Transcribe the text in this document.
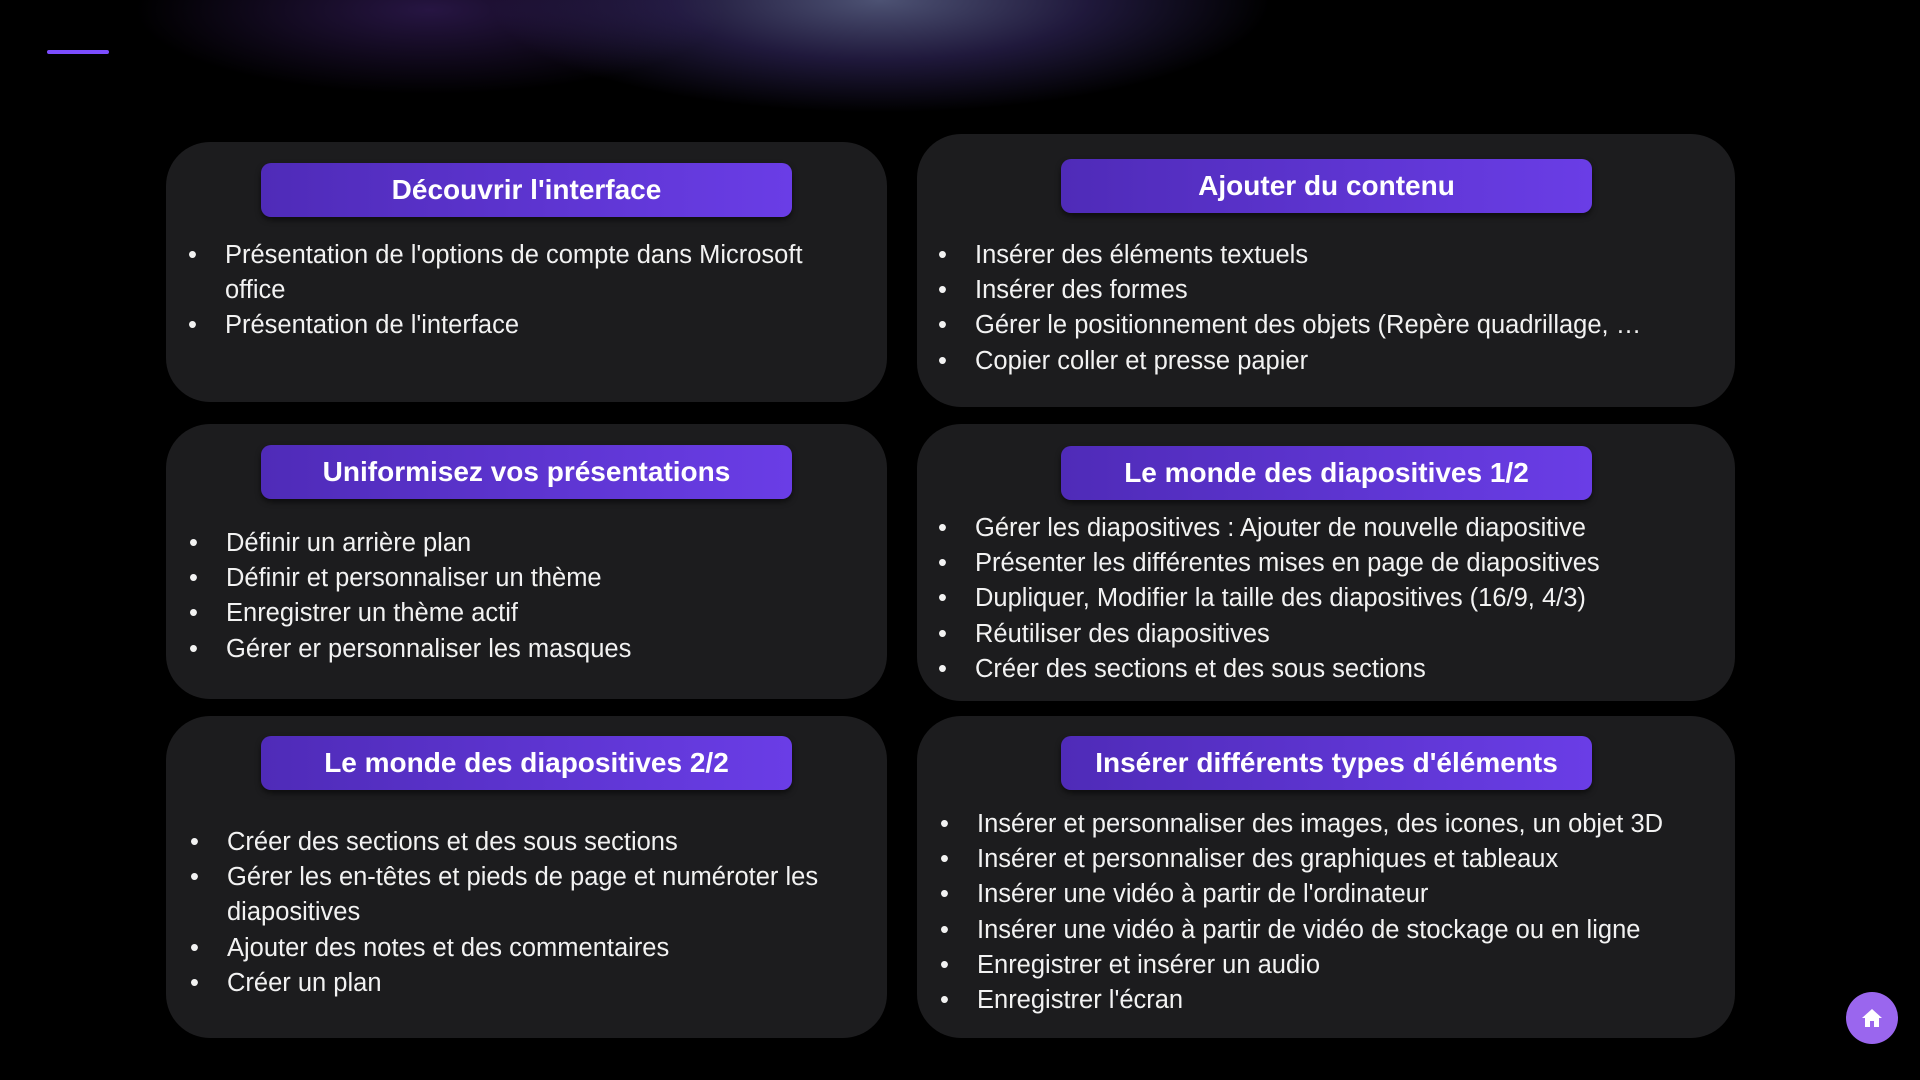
Découvrir l'interface
• Présentation de l'options de compte dans Microsoft office
• Présentation de l'interface
Ajouter du contenu
• Insérer des éléments textuels
• Insérer des formes
• Gérer le positionnement des objets (Repère quadrillage, …
• Copier coller et presse papier
Uniformisez vos présentations
• Définir un arrière plan
• Définir et personnaliser un thème
• Enregistrer un thème actif
• Gérer er personnaliser les masques
Le monde des diapositives 1/2
• Gérer les diapositives : Ajouter de nouvelle diapositive
• Présenter les différentes mises en page de diapositives
• Dupliquer, Modifier la taille des diapositives (16/9, 4/3)
• Réutiliser des diapositives
• Créer des sections et des sous sections
Le monde des diapositives 2/2
• Créer des sections et des sous sections
• Gérer les en-têtes et pieds de page et numéroter les diapositives
• Ajouter des notes et des commentaires
• Créer un plan
Insérer différents types d'éléments
• Insérer et personnaliser des images, des icones, un objet 3D
• Insérer et personnaliser des graphiques et tableaux
• Insérer une vidéo à partir de l'ordinateur
• Insérer une vidéo à partir de vidéo de stockage ou en ligne
• Enregistrer et insérer un audio
• Enregistrer l'écran
